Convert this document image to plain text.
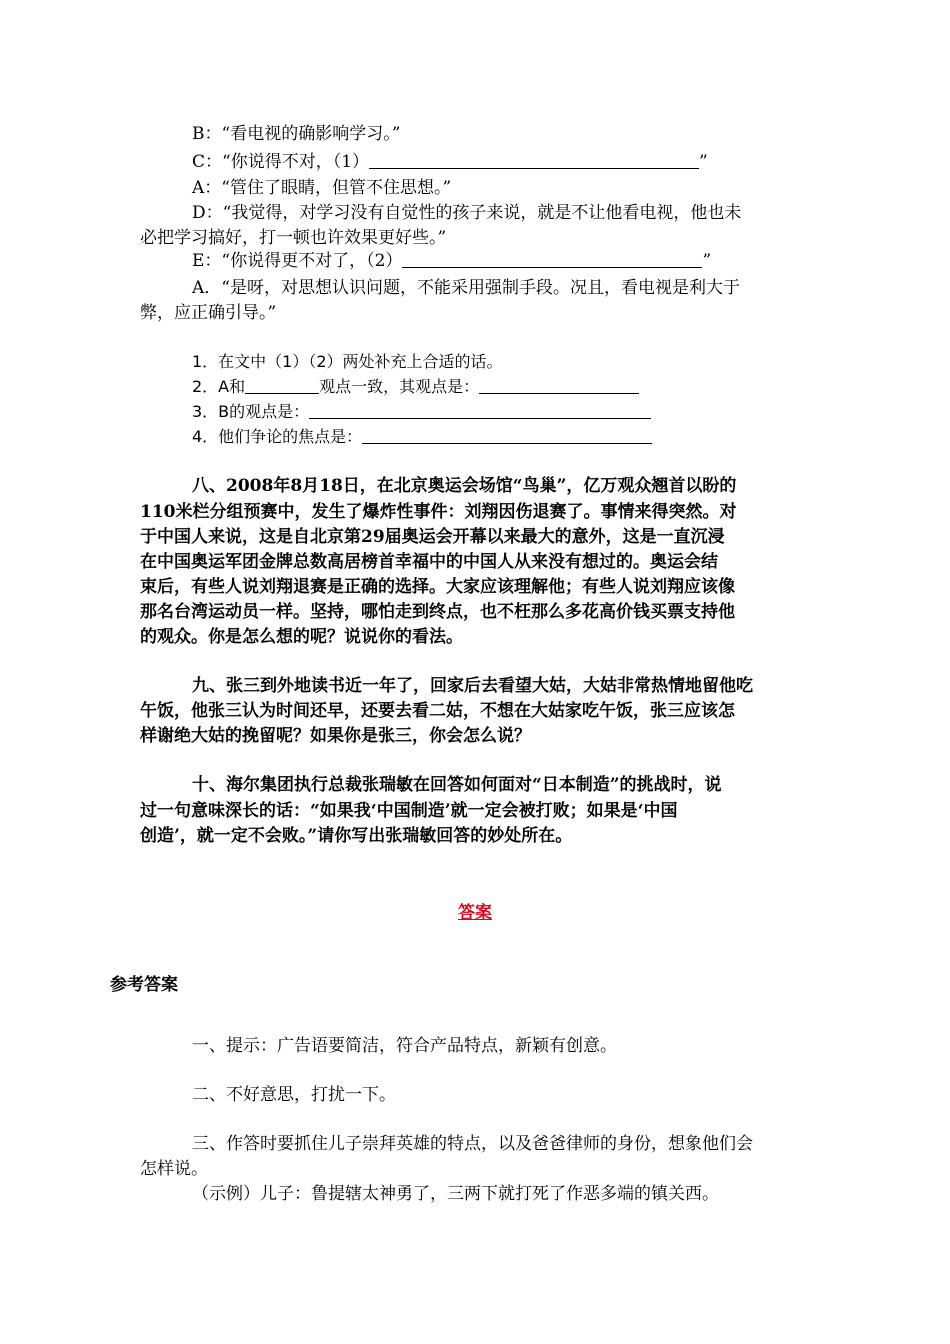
B：“看电视的确影响学习。”
C：“你说得不对，（1）	”
A：“管住了眼睛，但管不住思想。”
D：“我觉得，对学习没有自觉性的孩子来说，就是不让他看电视，他也未
必把学习搞好，打一顿也许效果更好些。”
E：“你说得更不对了，（2）	”
A．“是呀，对思想认识问题，不能采用强制手段。况且，看电视是利大于
弊，应正确引导。”
1．在文中（1）（2）两处补充上合适的话。
2．A和	观点一致，其观点是：
3．B的观点是：
4．他们争论的焦点是：
八、2008年8月18日，在北京奥运会场馆“鸟巢”，亿万观众翘首以盼的
110米栏分组预赛中，发生了爆炸性事件：刘翔因伤退赛了。事情来得突然。对
于中国人来说，这是自北京第29届奥运会开幕以来最大的意外，这是一直沉浸
在中国奥运军团金牌总数高居榜首幸福中的中国人从来没有想过的。奥运会结
束后，有些人说刘翔退赛是正确的选择。大家应该理解他；有些人说刘翔应该像
那名台湾运动员一样。坚持，哪怕走到终点，也不枉那么多花高价钱买票支持他
的观众。你是怎么想的呢？说说你的看法。
九、张三到外地读书近一年了，回家后去看望大姑，大姑非常热情地留他吃
午饭，他张三认为时间还早，还要去看二姑，不想在大姑家吃午饭，张三应该怎
样谢绝大姑的挽留呢？如果你是张三，你会怎么说？
十、海尔集团执行总裁张瑞敏在回答如何面对“日本制造”的挑战时，说
过一句意味深长的话：“如果我‘中国制造’就一定会被打败；如果是‘中国
创造’，就一定不会败。”请你写出张瑞敏回答的妙处所在。
答案
参考答案
一、提示：广告语要简洁，符合产品特点，新颖有创意。
二、不好意思，打扰一下。
三、作答时要抓住儿子崇拜英雄的特点，以及爸爸律师的身份，想象他们会
怎样说。
（示例）儿子：鲁提辖太神勇了，三两下就打死了作恶多端的镇关西。
